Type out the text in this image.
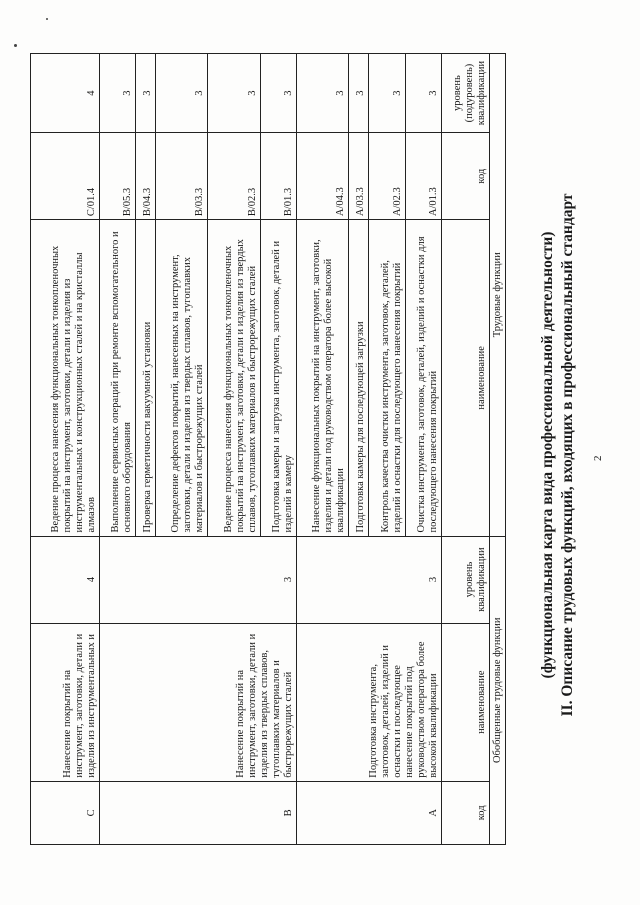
2
II. Описание трудовых функций, входящих в профессиональный стандарт
(функциональная карта вида профессиональной деятельности)
Обобщенные трудовые функции			Трудовые функции		

код	наименование	уровень квалификации	наименование	код	уровень (подуровень) квалификации

A	Подготовка инструмента, заготовок, деталей, изделий и оснастки и последующее нанесение покрытий под руководством оператора более высокой квалификации	3	Очистка инструмента, заготовок, деталей, изделий и оснастки для последующего нанесения покрытий	A/01.3	3

			Контроль качества очистки инструмента, заготовок, деталей, изделий и оснастки для последующего нанесения покрытий	A/02.3	3

			Подготовка камеры для последующей загрузки	A/03.3	3

			Нанесение функциональных покрытий на инструмент, заготовки, изделия и детали под руководством оператора более высокой квалификации	A/04.3	3

B	Нанесение покрытий на инструмент, заготовки, детали и изделия из твердых сплавов, тугоплавких материалов и быстрорежущих сталей	3	Подготовка камеры и загрузка инструмента, заготовок, деталей и изделий в камеру	B/01.3	3

			Ведение процесса нанесения функциональных тонкопленочных покрытий на инструмент, заготовки, детали и изделия из твердых сплавов, тугоплавких материалов и быстрорежущих сталей	B/02.3	3

			Определение дефектов покрытий, нанесенных на инструмент, заготовки, детали и изделия из твердых сплавов, тугоплавких материалов и быстрорежущих сталей	B/03.3	3

			Проверка герметичности вакуумной установки	B/04.3	3

			Выполнение сервисных операций при ремонте вспомогательного и основного оборудования	B/05.3	3

C	Нанесение покрытий на инструмент, заготовки, детали и изделия из инструментальных и	4	Ведение процесса нанесения функциональных тонкопленочных покрытий на инструмент, заготовки, детали и изделия из инструментальных и конструкционных сталей и на кристаллы алмазов	C/01.4	4
